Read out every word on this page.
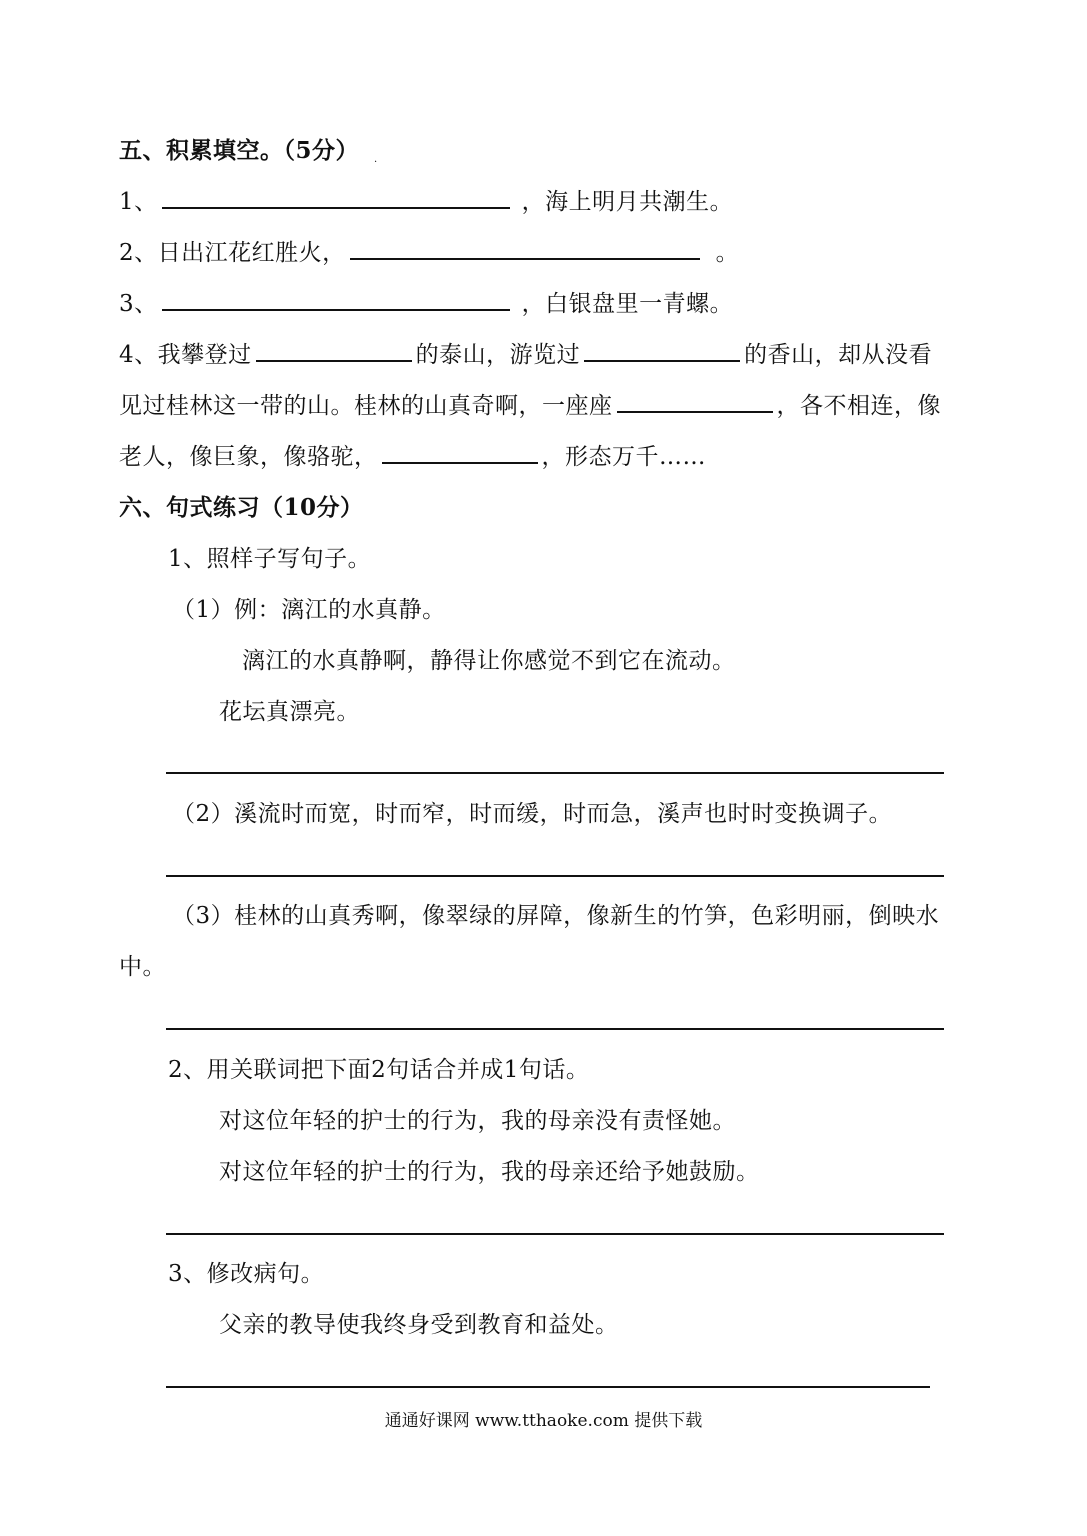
.
五、积累填空。（5分）
1、	，海上明月共潮生。
2、日出江花红胜火，	。
3、	，白银盘里一青螺。
4、我攀登过	的泰山，游览过	的香山，却从没看
见过桂林这一带的山。桂林的山真奇啊，一座座	，各不相连，像
老人，像巨象，像骆驼，	，形态万千……
六、句式练习（10分）
1、照样子写句子。
（1）例：漓江的水真静。
漓江的水真静啊，静得让你感觉不到它在流动。
花坛真漂亮。
（2）溪流时而宽，时而窄，时而缓，时而急，溪声也时时变换调子。
（3）桂林的山真秀啊，像翠绿的屏障，像新生的竹笋，色彩明丽，倒映水
中。
2、用关联词把下面2句话合并成1句话。
对这位年轻的护士的行为，我的母亲没有责怪她。
对这位年轻的护士的行为，我的母亲还给予她鼓励。
3、修改病句。
父亲的教导使我终身受到教育和益处。
通通好课网 www.tthaoke.com 提供下载
